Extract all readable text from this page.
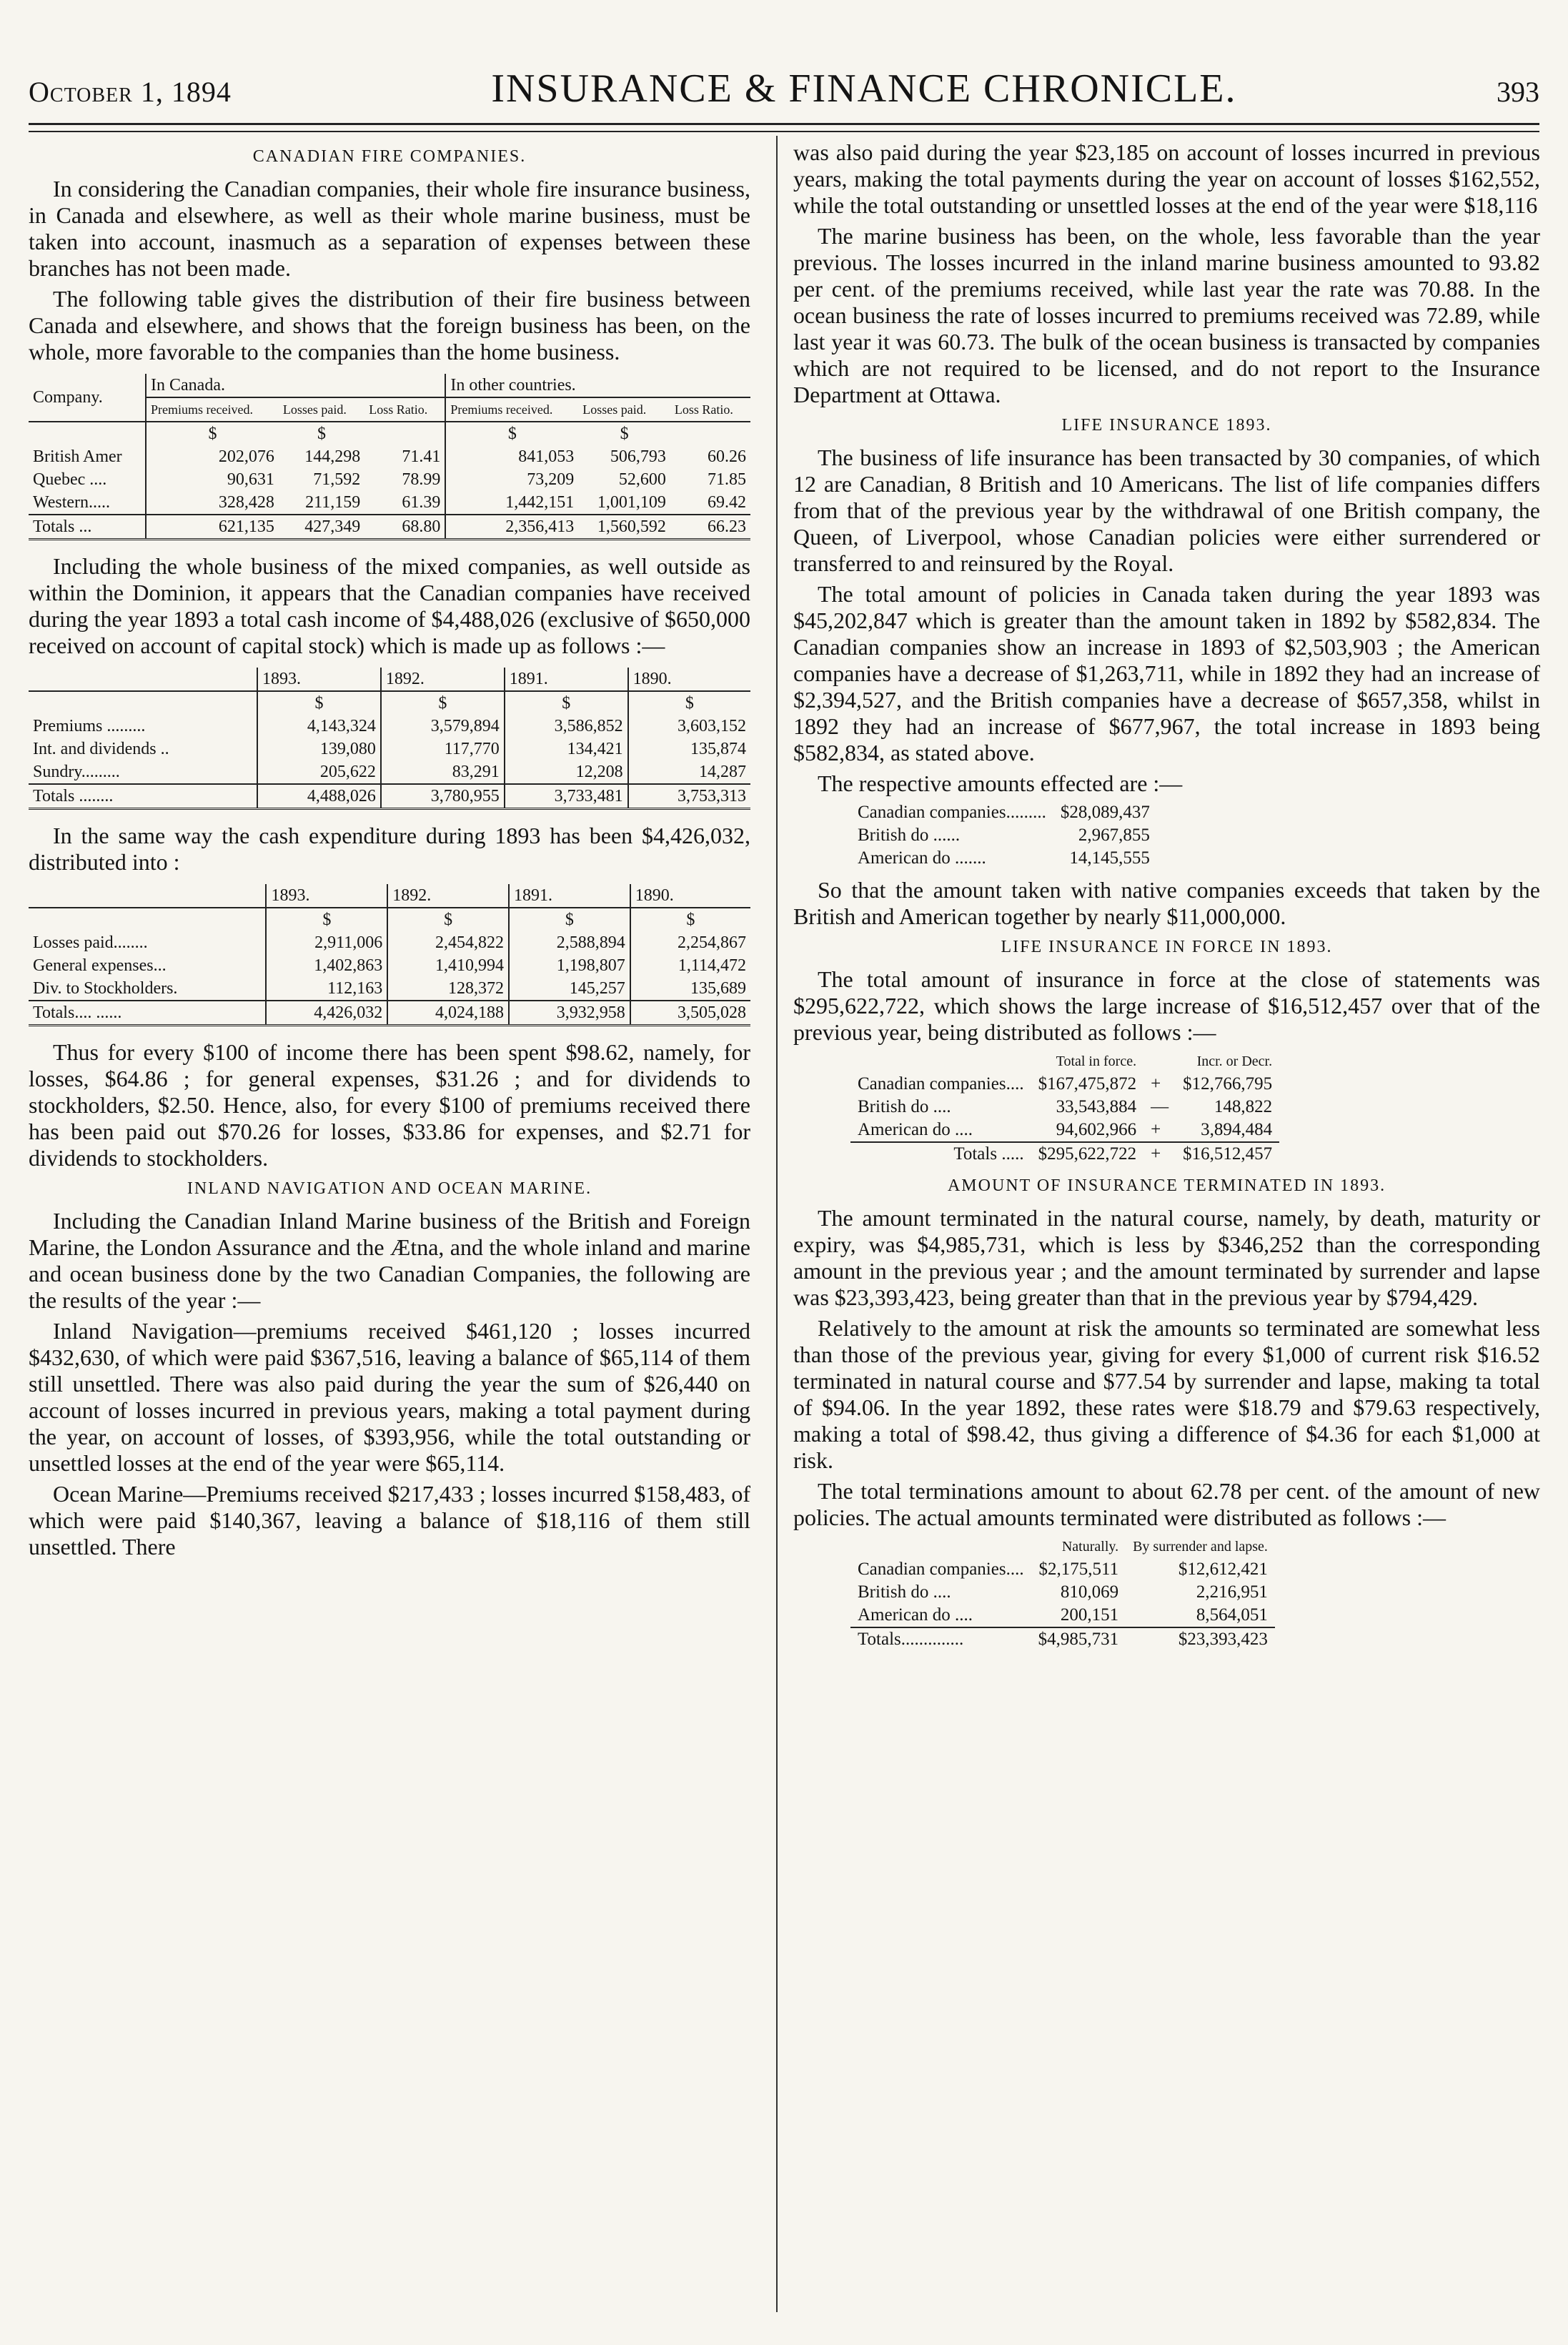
October 1, 1894	INSURANCE & FINANCE CHRONICLE.	393
CANADIAN FIRE COMPANIES.

In considering the Canadian companies, their whole fire insurance business, in Canada and elsewhere, as well as their whole marine business, must be taken into account, inasmuch as a separation of expenses between these branches has not been made.

The following table gives the distribution of their fire business between Canada and elsewhere, and shows that the foreign business has been, on the whole, more favorable to the companies than the home business.

Company.	In Canada.			In other countries.		
	Premiums received.	Losses paid.	Loss Ratio.	Premiums received.	Losses paid.	Loss Ratio.
	$	$		$	$	
British Amer	202,076	144,298	71.41	841,053	506,793	60.26
Quebec ....	90,631	71,592	78.99	73,209	52,600	71.85
Western.....	328,428	211,159	61.39	1,442,151	1,001,109	69.42
Totals ...	621,135	427,349	68.80	2,356,413	1,560,592	66.23

Including the whole business of the mixed companies, as well outside as within the Dominion, it appears that the Canadian companies have received during the year 1893 a total cash income of $4,488,026 (exclusive of $650,000 received on account of capital stock) which is made up as follows :—

	1893.	1892.	1891.	1890.
	$	$	$	$
Premiums .........	4,143,324	3,579,894	3,586,852	3,603,152
Int. and dividends ..	139,080	117,770	134,421	135,874
Sundry.........	205,622	83,291	12,208	14,287
Totals ........	4,488,026	3,780,955	3,733,481	3,753,313

In the same way the cash expenditure during 1893 has been $4,426,032, distributed into :

	1893.	1892.	1891.	1890.
	$	$	$	$
Losses paid........	2,911,006	2,454,822	2,588,894	2,254,867
General expenses...	1,402,863	1,410,994	1,198,807	1,114,472
Div. to Stockholders.	112,163	128,372	145,257	135,689
Totals.... ......	4,426,032	4,024,188	3,932,958	3,505,028

Thus for every $100 of income there has been spent $98.62, namely, for losses, $64.86 ; for general expenses, $31.26 ; and for dividends to stockholders, $2.50. Hence, also, for every $100 of premiums received there has been paid out $70.26 for losses, $33.86 for expenses, and $2.71 for dividends to stockholders.

INLAND NAVIGATION AND OCEAN MARINE.

Including the Canadian Inland Marine business of the British and Foreign Marine, the London Assurance and the Ætna, and the whole inland and marine and ocean business done by the two Canadian Companies, the following are the results of the year :—

Inland Navigation—premiums received $461,120 ; losses incurred $432,630, of which were paid $367,516, leaving a balance of $65,114 of them still unsettled. There was also paid during the year the sum of $26,440 on account of losses incurred in previous years, making a total payment during the year, on account of losses, of $393,956, while the total outstanding or unsettled losses at the end of the year were $65,114.

Ocean Marine—Premiums received $217,433 ; losses incurred $158,483, of which were paid $140,367, leaving a balance of $18,116 of them still unsettled. There

was also paid during the year $23,185 on account of losses incurred in previous years, making the total payments during the year on account of losses $162,552, while the total outstanding or unsettled losses at the end of the year were $18,116

The marine business has been, on the whole, less favorable than the year previous. The losses incurred in the inland marine business amounted to 93.82 per cent. of the premiums received, while last year the rate was 70.88. In the ocean business the rate of losses incurred to premiums received was 72.89, while last year it was 60.73. The bulk of the ocean business is transacted by companies which are not required to be licensed, and do not report to the Insurance Department at Ottawa.

LIFE INSURANCE 1893.

The business of life insurance has been transacted by 30 companies, of which 12 are Canadian, 8 British and 10 Americans. The list of life companies differs from that of the previous year by the withdrawal of one British company, the Queen, of Liverpool, whose Canadian policies were either surrendered or transferred to and reinsured by the Royal.

The total amount of policies in Canada taken during the year 1893 was $45,202,847 which is greater than the amount taken in 1892 by $582,834. The Canadian companies show an increase in 1893 of $2,503,903 ; the American companies have a decrease of $1,263,711, while in 1892 they had an increase of $2,394,527, and the British companies have a decrease of $657,358, whilst in 1892 they had an increase of $677,967, the total increase in 1893 being $582,834, as stated above.

The respective amounts effected are :—

Canadian companies.........	$28,089,437
British do ......	2,967,855
American do .......	14,145,555

So that the amount taken with native companies exceeds that taken by the British and American together by nearly $11,000,000.

LIFE INSURANCE IN FORCE IN 1893.

The total amount of insurance in force at the close of statements was $295,622,722, which shows the large increase of $16,512,457 over that of the previous year, being distributed as follows :—

	Total in force.		Incr. or Decr.
Canadian companies....	$167,475,872	+	$12,766,795
British do ....	33,543,884	—	148,822
American do ....	94,602,966	+	3,894,484
Totals .....	$295,622,722	+	$16,512,457
AMOUNT OF INSURANCE TERMINATED IN 1893.

The amount terminated in the natural course, namely, by death, maturity or expiry, was $4,985,731, which is less by $346,252 than the corresponding amount in the previous year ; and the amount terminated by surrender and lapse was $23,393,423, being greater than that in the previous year by $794,429.

Relatively to the amount at risk the amounts so terminated are somewhat less than those of the previous year, giving for every $1,000 of current risk $16.52 terminated in natural course and $77.54 by surrender and lapse, making ta total of $94.06. In the year 1892, these rates were $18.79 and $79.63 respectively, making a total of $98.42, thus giving a difference of $4.36 for each $1,000 at risk.

The total terminations amount to about 62.78 per cent. of the amount of new policies. The actual amounts terminated were distributed as follows :—

	Naturally.	By surrender and lapse.
Canadian companies....	$2,175,511	$12,612,421
British do ....	810,069	2,216,951
American do ....	200,151	8,564,051
Totals..............	$4,985,731	$23,393,423
